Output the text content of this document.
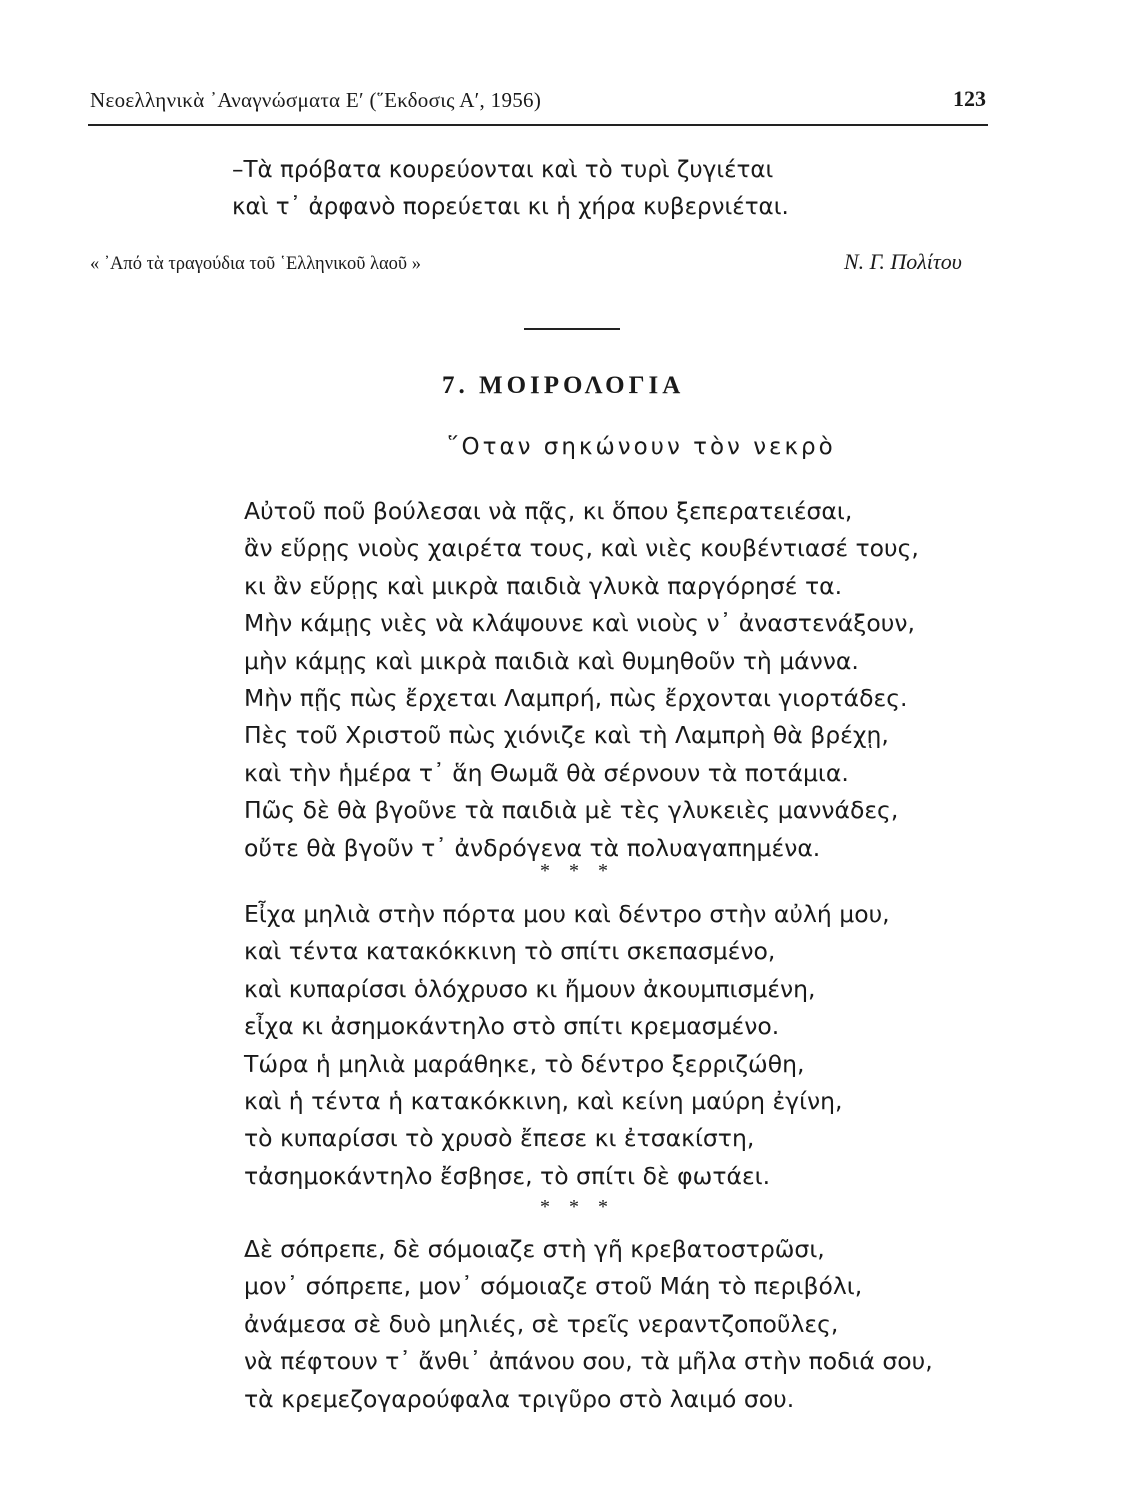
Νεοελληνικὰ ᾿Αναγνώσματα Ε′ (῞Εκδοσις Α′, 1956)	123
–Τὰ πρόβατα κουρεύονται καὶ τὸ τυρὶ ζυγιέται
καὶ τ᾿ ἀρφανὸ πορεύεται κι ἡ χήρα κυβερνιέται.
« ᾿Από τὰ τραγούδια τοῦ ῾Ελληνικοῦ λαοῦ »	Ν. Γ. Πολίτου
7. ΜΟΙΡΟΛΟΓΙΑ
῞Οταν σηκώνουν τὸν νεκρὸ
Αὐτοῦ ποῦ βούλεσαι νὰ πᾷς, κι ὅπου ξεπερατειέσαι,
ἂν εὕρῃς νιοὺς χαιρέτα τους, καὶ νιὲς κουβέντιασέ τους,
κι ἂν εὕρῃς καὶ μικρὰ παιδιὰ γλυκὰ παργόρησέ τα.
Μὴν κάμῃς νιὲς νὰ κλάψουνε καὶ νιοὺς ν᾿ ἀναστενάξουν,
μὴν κάμῃς καὶ μικρὰ παιδιὰ καὶ θυμηθοῦν τὴ μάννα.
Μὴν πῇς πὼς ἔρχεται Λαμπρή, πὼς ἔρχονται γιορτάδες.
Πὲς τοῦ Χριστοῦ πὼς χιόνιζε καὶ τὴ Λαμπρὴ θὰ βρέχῃ,
καὶ τὴν ἡμέρα τ᾿ ἅη Θωμᾶ θὰ σέρνουν τὰ ποτάμια.
Πῶς δὲ θὰ βγοῦνε τὰ παιδιὰ μὲ τὲς γλυκειὲς μαννάδες,
οὔτε θὰ βγοῦν τ᾿ ἀνδρόγενα τὰ πολυαγαπημένα.
* * *
Εἶχα μηλιὰ στὴν πόρτα μου καὶ δέντρο στὴν αὐλή μου,
καὶ τέντα κατακόκκινη τὸ σπίτι σκεπασμένο,
καὶ κυπαρίσσι ὁλόχρυσο κι ἤμουν ἀκουμπισμένη,
εἶχα κι ἀσημοκάντηλο στὸ σπίτι κρεμασμένο.
Τώρα ἡ μηλιὰ μαράθηκε, τὸ δέντρο ξερριζώθη,
καὶ ἡ τέντα ἡ κατακόκκινη, καὶ κείνη μαύρη ἐγίνη,
τὸ κυπαρίσσι τὸ χρυσὸ ἔπεσε κι ἐτσακίστη,
τἀσημοκάντηλο ἔσβησε, τὸ σπίτι δὲ φωτάει.
* * *
Δὲ σόπρεπε, δὲ σόμοιαζε στὴ γῆ κρεβατοστρῶσι,
μον᾿ σόπρεπε, μον᾿ σόμοιαζε στοῦ Μάη τὸ περιβόλι,
ἀνάμεσα σὲ δυὸ μηλιές, σὲ τρεῖς νεραντζοποῦλες,
νὰ πέφτουν τ᾿ ἄνθι᾿ ἀπάνου σου, τὰ μῆλα στὴν ποδιά σου,
τὰ κρεμεζογαρούφαλα τριγῦρο στὸ λαιμό σου.
